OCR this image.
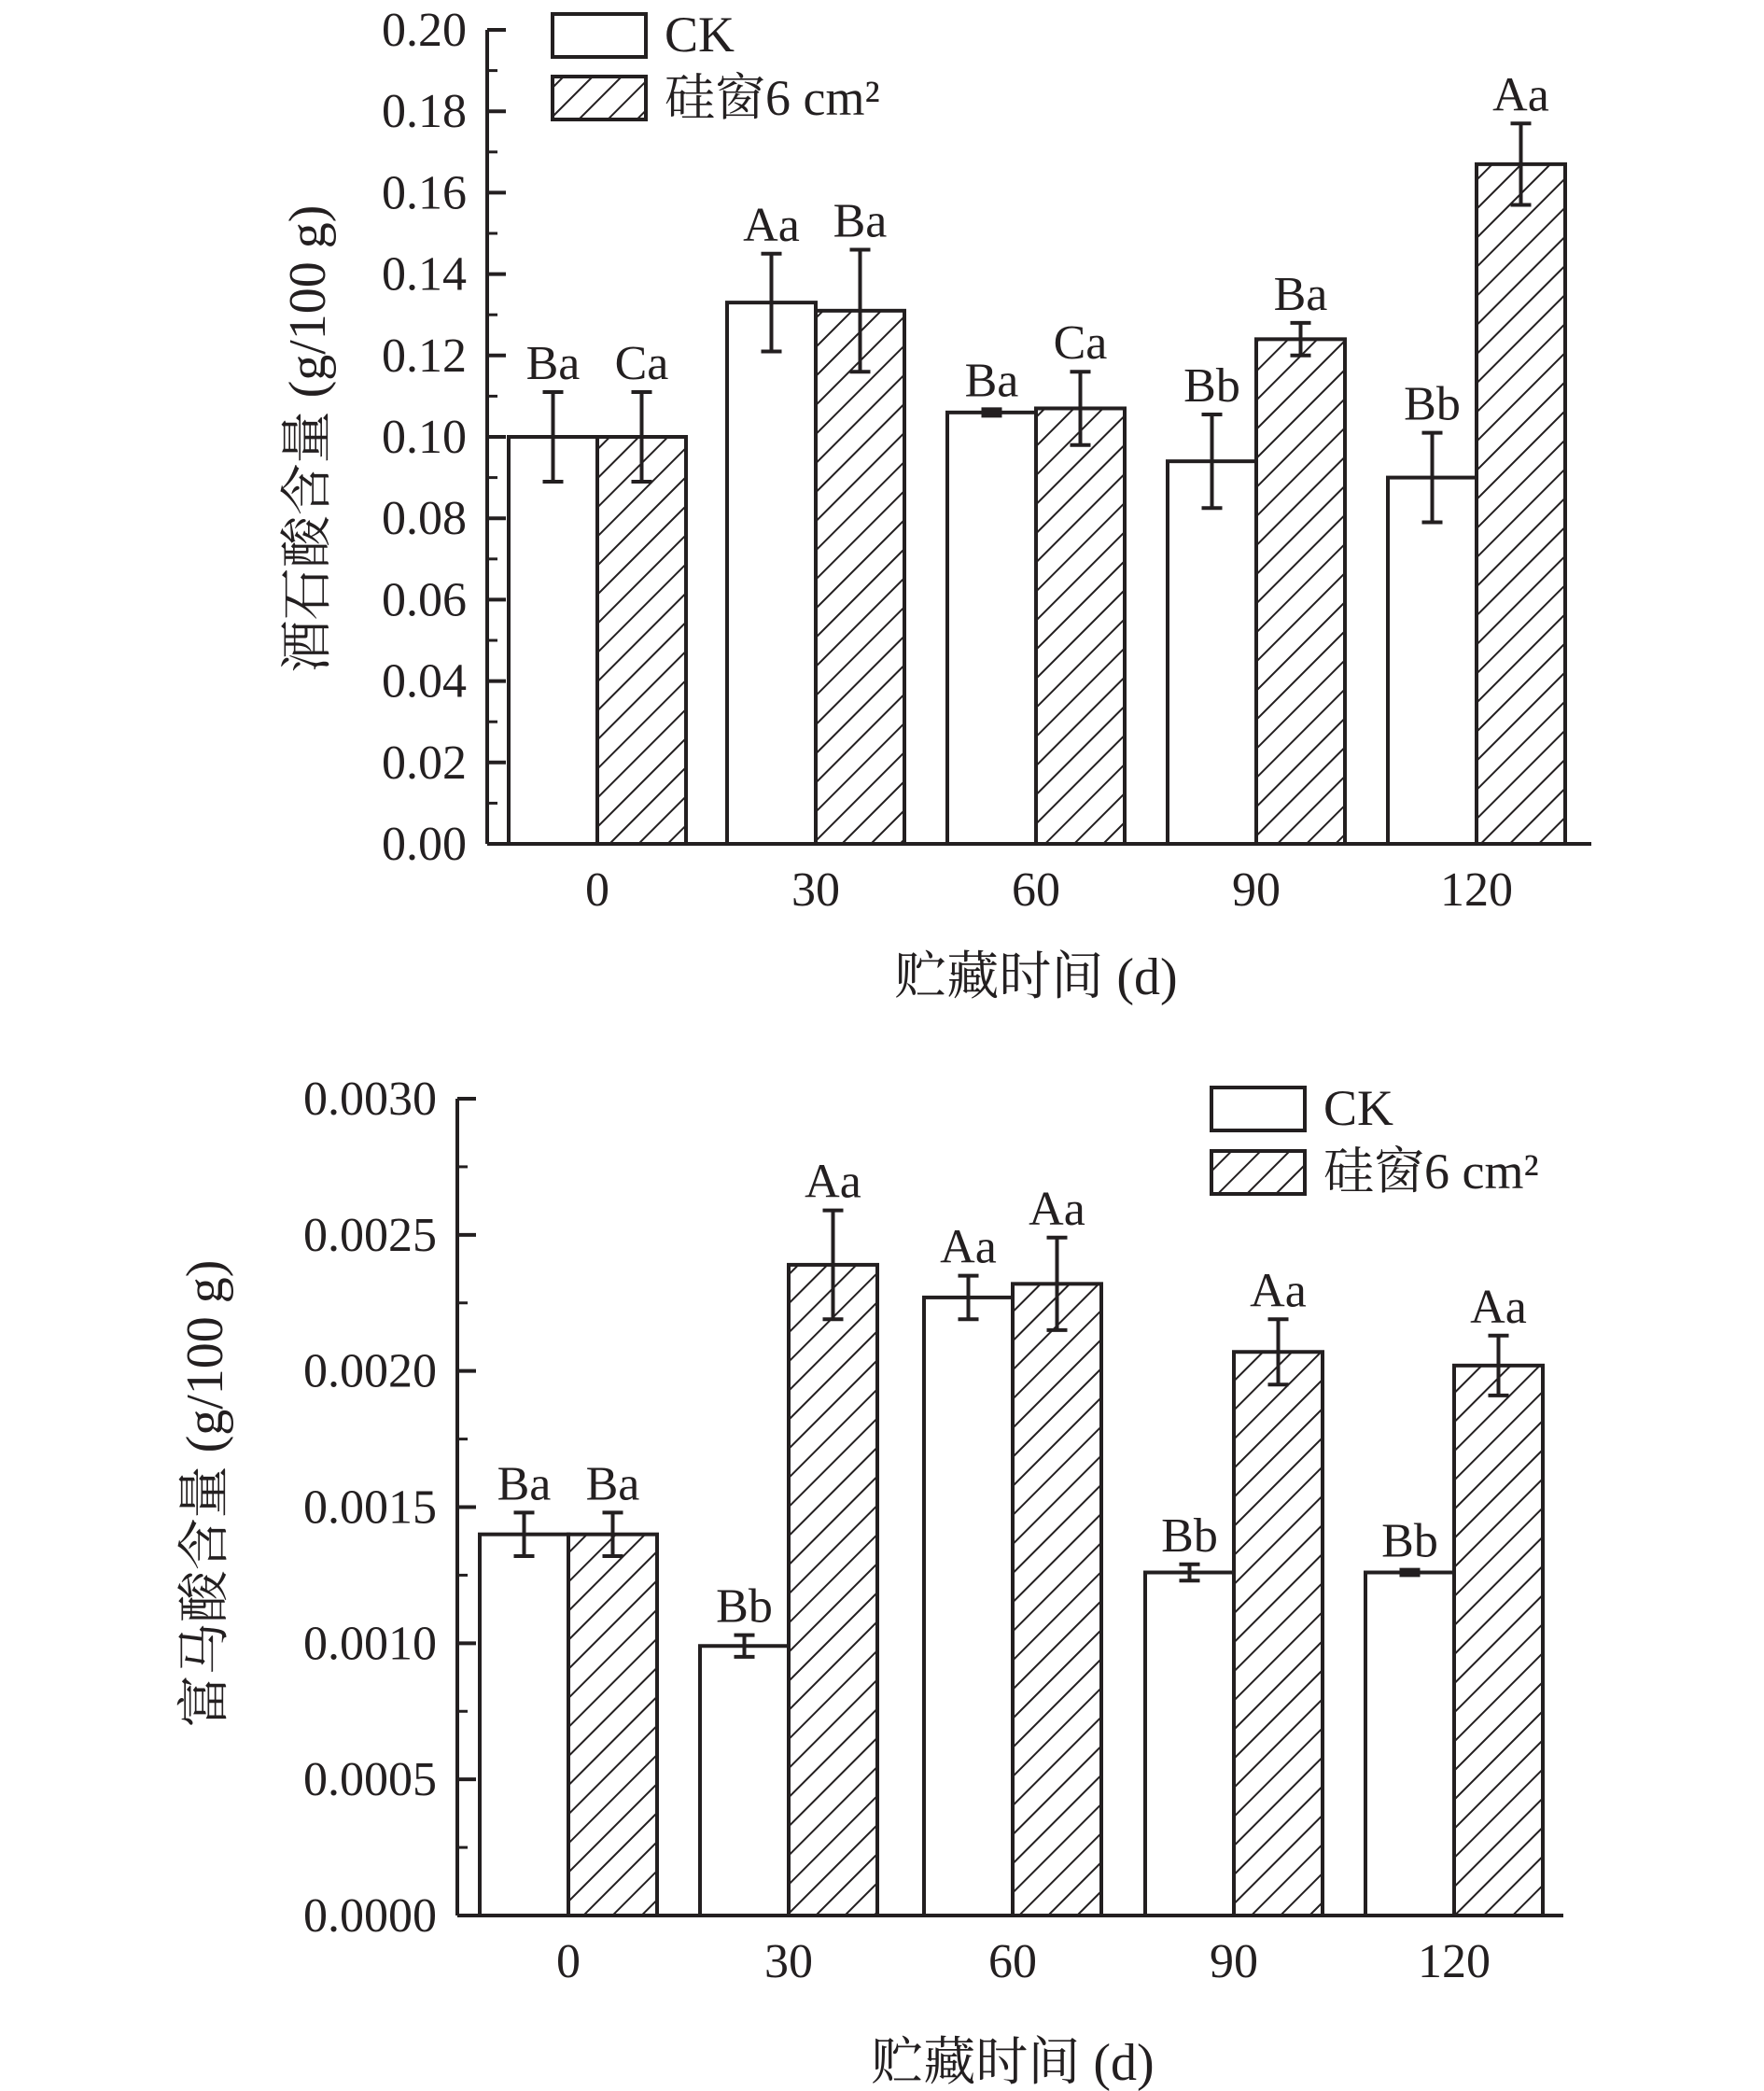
酒石酸含量 (g/100 g)
贮藏时间 (d)
CK
硅窗6 cm²
0.00
0.02
0.04
0.06
0.08
0.10
0.12
0.14
0.16
0.18
0.20
0	30	60	90	120
Ba
Aa
Ba	Bb	Bb
Ca
Ba
Ca
Ba
Aa
富马酸含量 (g/100 g)
贮藏时间 (d)
CK
硅窗6 cm²
0.0000
0.0005
0.0010
0.0015
0.0020
0.0025
0.0030
0	30	60	90	120
Ba
Bb
Aa
Bb	Bb
Ba
Aa
Aa
Aa	Aa
